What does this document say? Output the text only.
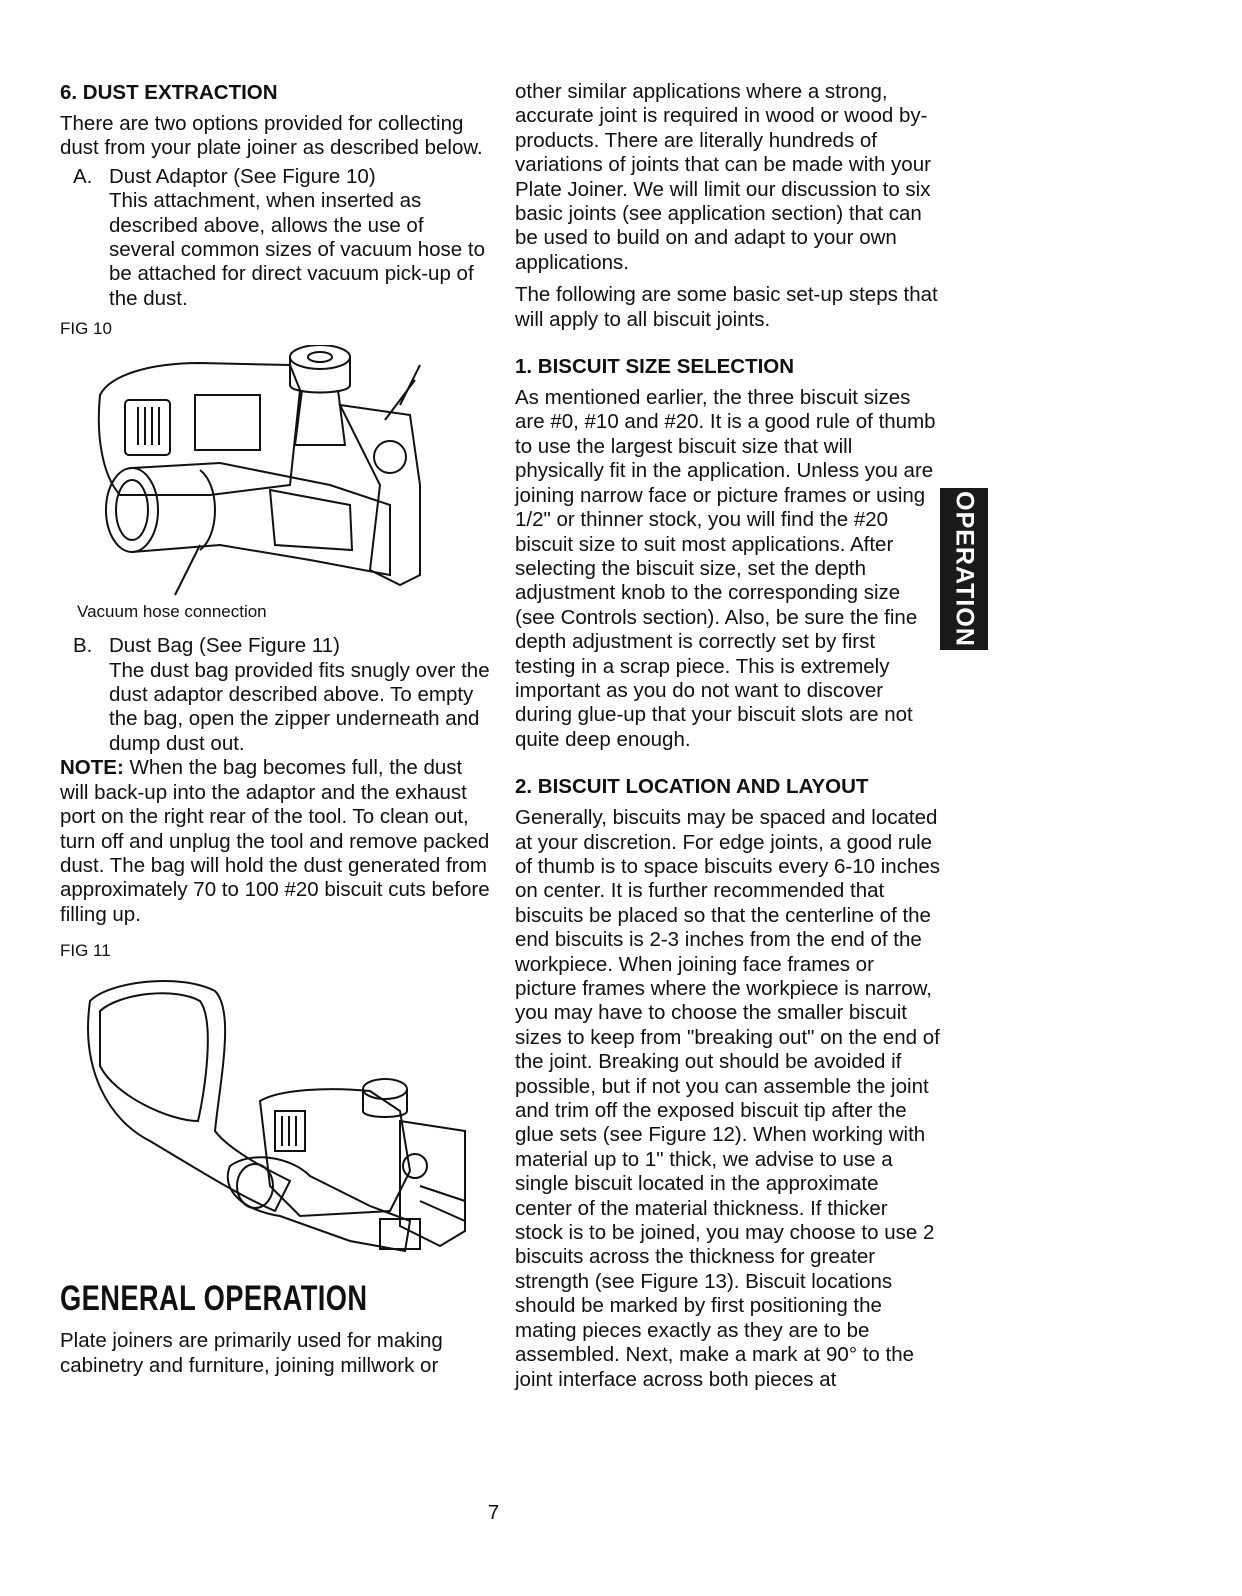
6. DUST EXTRACTION

There are two options provided for collecting dust from your plate joiner as described below.

A. Dust Adaptor (See Figure 10)

This attachment, when inserted as described above, allows the use of several common sizes of vacuum hose to be attached for direct vacuum pick-up of the dust.

FIG 10

Vacuum hose connection

B. Dust Bag (See Figure 11)

The dust bag provided fits snugly over the dust adaptor described above. To empty the bag, open the zipper underneath and dump dust out.

NOTE: When the bag becomes full, the dust will back-up into the adaptor and the exhaust port on the right rear of the tool. To clean out, turn off and unplug the tool and remove packed dust. The bag will hold the dust generated from approximately 70 to 100 #20 biscuit cuts before filling up.

FIG 11

GENERAL OPERATION

Plate joiners are primarily used for making cabinetry and furniture, joining millwork or

other similar applications where a strong, accurate joint is required in wood or wood by-products. There are literally hundreds of variations of joints that can be made with your Plate Joiner. We will limit our discussion to six basic joints (see application section) that can be used to build on and adapt to your own applications.

The following are some basic set-up steps that will apply to all biscuit joints.

1. BISCUIT SIZE SELECTION

As mentioned earlier, the three biscuit sizes are #0, #10 and #20. It is a good rule of thumb to use the largest biscuit size that will physically fit in the application. Unless you are joining narrow face or picture frames or using 1/2" or thinner stock, you will find the #20 biscuit size to suit most applications. After selecting the biscuit size, set the depth adjustment knob to the corresponding size (see Controls section). Also, be sure the fine depth adjustment is correctly set by first testing in a scrap piece. This is extremely important as you do not want to discover during glue-up that your biscuit slots are not quite deep enough.

2. BISCUIT LOCATION AND LAYOUT

Generally, biscuits may be spaced and located at your discretion. For edge joints, a good rule of thumb is to space biscuits every 6-10 inches on center. It is further recommended that biscuits be placed so that the centerline of the end biscuits is 2-3 inches from the end of the workpiece. When joining face frames or picture frames where the workpiece is narrow, you may have to choose the smaller biscuit sizes to keep from "breaking out" on the end of the joint. Breaking out should be avoided if possible, but if not you can assemble the joint and trim off the exposed biscuit tip after the glue sets (see Figure 12). When working with material up to 1" thick, we advise to use a single biscuit located in the approximate center of the material thickness. If thicker stock is to be joined, you may choose to use 2 biscuits across the thickness for greater strength (see Figure 13). Biscuit locations should be marked by first positioning the mating pieces exactly as they are to be assembled. Next, make a mark at 90° to the joint interface across both pieces at

OPERATION
7
